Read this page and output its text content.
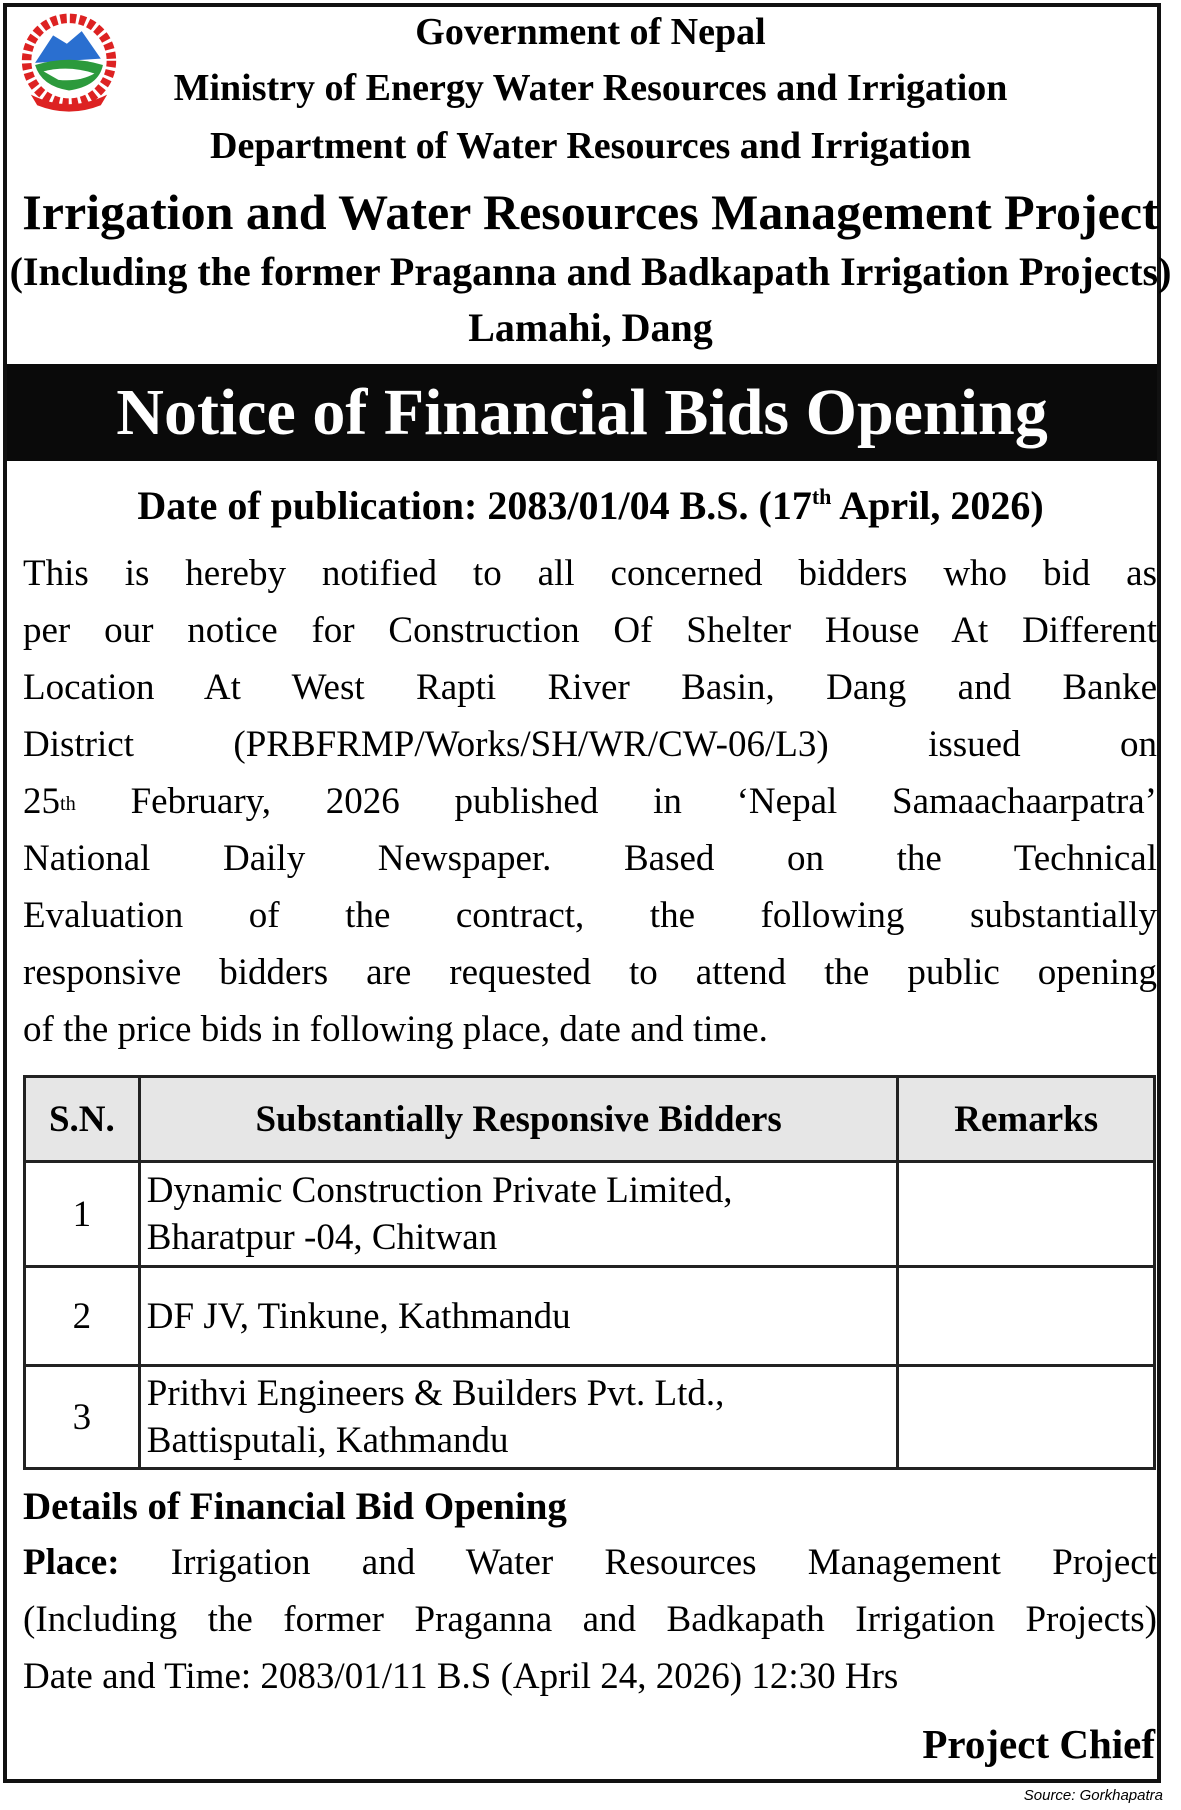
Government of Nepal
Ministry of Energy Water Resources and Irrigation
Department of Water Resources and Irrigation
Irrigation and Water Resources Management Project
(Including the former Praganna and Badkapath Irrigation Projects)
Lamahi, Dang
Notice of Financial Bids Opening
Date of publication: 2083/01/04 B.S. (17th April, 2026)
This is hereby notified to all concerned bidders who bid as
per our notice for Construction Of Shelter House At Different
Location At West Rapti River Basin, Dang and Banke
District (PRBFRMP/Works/SH/WR/CW-06/L3) issued on
25th February, 2026 published in ‘Nepal Samaachaarpatra’
National Daily Newspaper. Based on the Technical
Evaluation of the contract, the following substantially
responsive bidders are requested to attend the public opening
of the price bids in following place, date and time.
S.N.	Substantially Responsive Bidders	Remarks
1	Dynamic Construction Private Limited,
Bharatpur -04, Chitwan	

2	DF JV, Tinkune, Kathmandu	

3	Prithvi Engineers & Builders Pvt. Ltd.,
Battisputali, Kathmandu	

Details of Financial Bid Opening
Place: Irrigation and Water Resources Management Project
(Including the former Praganna and Badkapath Irrigation Projects)
Date and Time: 2083/01/11 B.S (April 24, 2026) 12:30 Hrs
Project Chief
Source: Gorkhapatra
